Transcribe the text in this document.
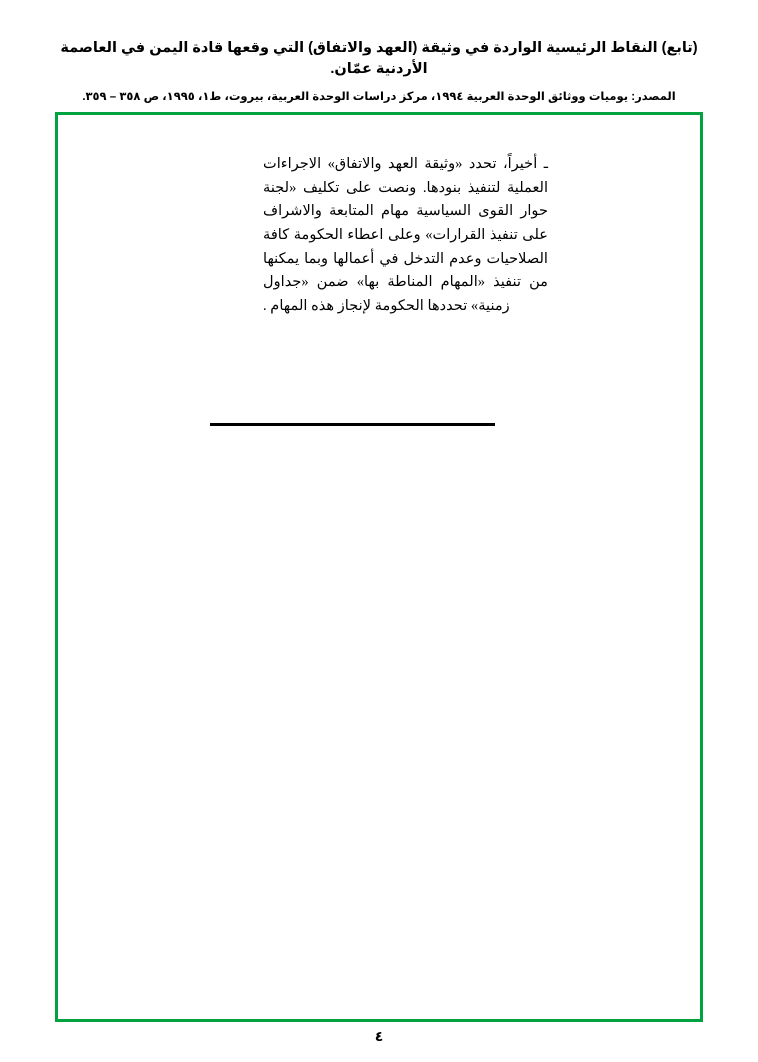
(تابع) النقاط الرئيسية الواردة في وثيقة (العهد والاتفاق) التي وقعها قادة اليمن في العاصمة الأردنية عمّان.
المصدر: يوميات ووثائق الوحدة العربية ١٩٩٤، مركز دراسات الوحدة العربية، بيروت، ط١، ١٩٩٥، ص ٣٥٨ – ٣٥٩.
ـ أخيراً، تحدد «وثيقة العهد والاتفاق» الاجراءات العملية لتنفيذ بنودها. ونصت على تكليف «لجنة حوار القوى السياسية مهام المتابعة والاشراف على تنفيذ القرارات» وعلى اعطاء الحكومة كافة الصلاحيات وعدم التدخل في أعمالها وبما يمكنها من تنفيذ «المهام المناطة بها» ضمن «جداول زمنية» تحددها الحكومة لإنجاز هذه المهام .
٤
